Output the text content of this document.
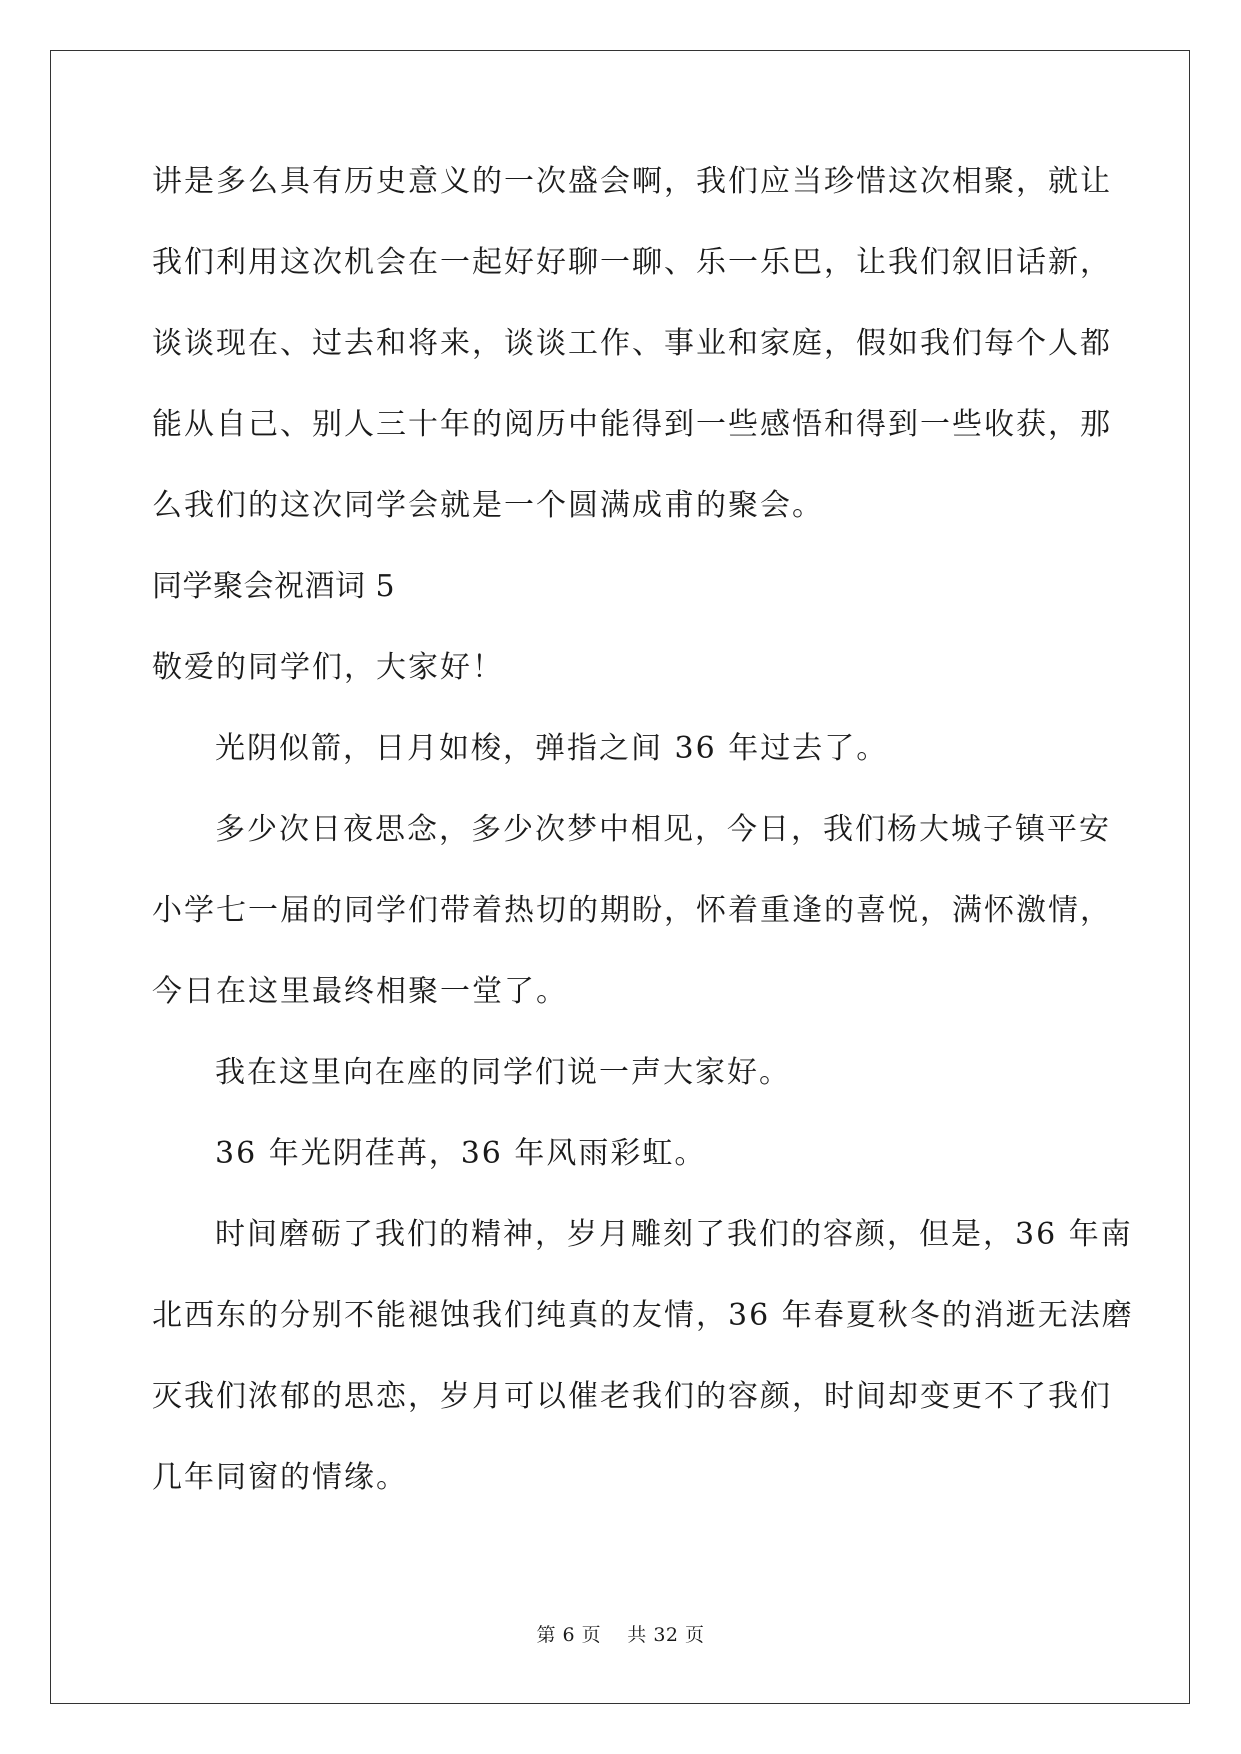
讲是多么具有历史意义的一次盛会啊，我们应当珍惜这次相聚，就让
我们利用这次机会在一起好好聊一聊、乐一乐巴，让我们叙旧话新，
谈谈现在、过去和将来，谈谈工作、事业和家庭，假如我们每个人都
能从自己、别人三十年的阅历中能得到一些感悟和得到一些收获，那
么我们的这次同学会就是一个圆满成甫的聚会。
同学聚会祝酒词 5
敬爱的同学们，大家好！
光阴似箭，日月如梭，弹指之间 36 年过去了。
多少次日夜思念，多少次梦中相见，今日，我们杨大城子镇平安
小学七一届的同学们带着热切的期盼，怀着重逢的喜悦，满怀激情，
今日在这里最终相聚一堂了。
我在这里向在座的同学们说一声大家好。
36 年光阴荏苒，36 年风雨彩虹。
时间磨砺了我们的精神，岁月雕刻了我们的容颜，但是，36 年南
北西东的分别不能褪蚀我们纯真的友情，36 年春夏秋冬的消逝无法磨
灭我们浓郁的思恋，岁月可以催老我们的容颜，时间却变更不了我们
几年同窗的情缘。
第 6 页    共 32 页
